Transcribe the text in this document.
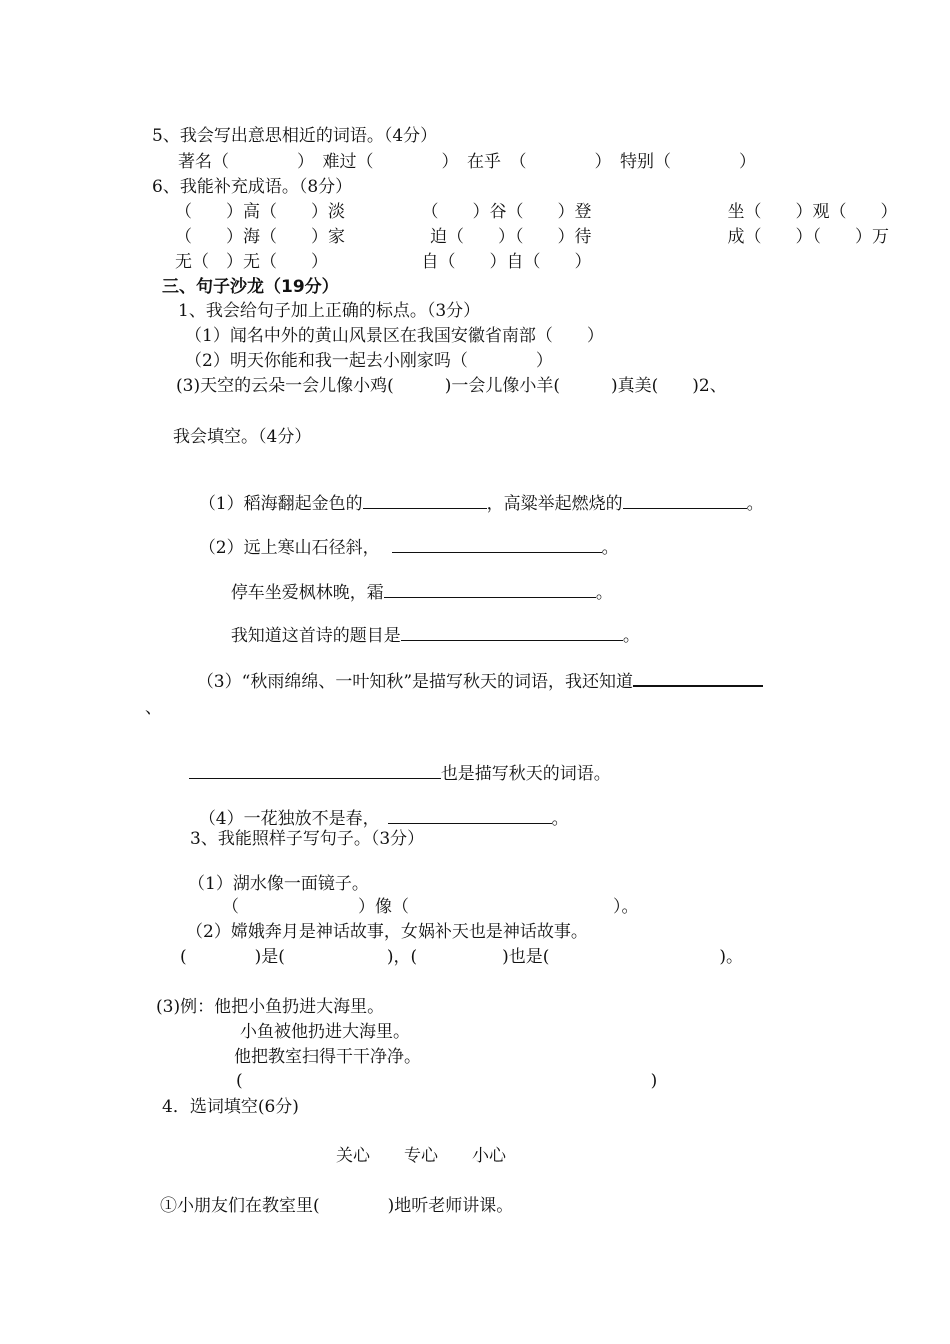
5、我会写出意思相近的词语。（4分）
著名（　　　　）　难过（　　　　）　在乎　（　　　　）　特别（　　　　）
6、我能补充成语。（8分）
（　　）高（　　）淡　　　　　（　　）谷（　　）登　　　　　　　　坐（　　）观（　　）
（　　）海（　　）家　　　　　迫（　　）（　　）待　　　　　　　　成（　　）（　　）万
无（　）无（　　）　　　　　　自（　　）自（　　）
三、句子沙龙（19分）
1、我会给句子加上正确的标点。（3分）
（1）闻名中外的黄山风景区在我国安徽省南部（　　）
（2）明天你能和我一起去小刚家吗（　　　　）
(3)天空的云朵一会儿像小鸡(　　　)一会儿像小羊(　　　)真美(　　)2、
我会填空。（4分）

（1）稻海翻起金色的	，高粱举起燃烧的	。

（2）远上寒山石径斜，	。

停车坐爱枫林晚，霜	。

我知道这首诗的题目是	。

（3）“秋雨绵绵、一叶知秋”是描写秋天的词语，我还知道

、

也是描写秋天的词语。

（4）一花独放不是春，	。

3、我能照样子写句子。（3分）
（1）湖水像一面镜子。
（　　　　　　　）像（　　　　　　　　　　　　）。
（2）嫦娥奔月是神话故事，女娲补天也是神话故事。
(　　　　)是(　　　　　　)，(　　　　　)也是(　　　　　　　　　　)。
(3)例：他把小鱼扔进大海里。
小鱼被他扔进大海里。
他把教室扫得干干净净。
(　　　　　　　　　　　　　　　　　　　　　　　　)
4．选词填空(6分)
关心　　专心　　小心
①小朋友们在教室里(　　　　)地听老师讲课。
